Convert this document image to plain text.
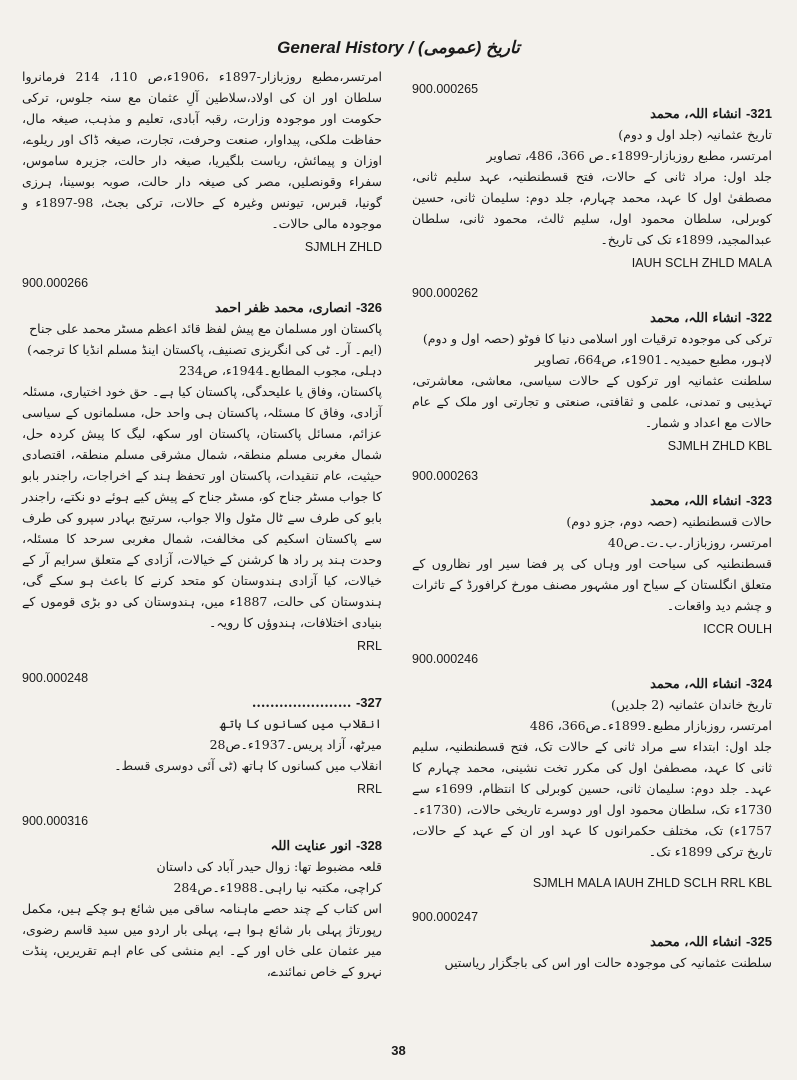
General History / تاریخ (عمومی)
امرتسر،مطبع روزبازار-1897ء ،1906ء،ص 110، 214 فرمانروا سلطان اور ان کی اولاد،سلاطین آلِ عثمان مع سنہ جلوس، ترکی حکومت اور موجودہ وزارت، رقبہ آبادی، تعلیم و مذہب، صیغہ مال، حفاظت ملکی، پیداوار، صنعت وحرفت، تجارت، صیغہ ڈاک اور ریلوے، اوزان و پیمائش، ریاست بلگیریا، صیغہ دار حالت، جزیرہ ساموس، سفراء وقونصلیں، مصر کی صیغہ دار حالت، صوبہ بوسینا، ہرزی گونیا، قبرس، تیونس وغیرہ کے حالات، ترکی بجٹ، 98-1897ء و موجودہ مالی حالات۔
SJMLH ZHLD
900.000266
326- انصاری، محمد ظفر احمد
پاکستان اور مسلمان مع پیش لفظ قائد اعظم مسٹر محمد علی جناح (ایم۔ آر۔ ٹی کی انگریزی تصنیف، پاکستان اینڈ مسلم انڈیا کا ترجمہ)
دہلی، مجوب المطابع۔1944ء، ص234
پاکستان، وفاق یا علیحدگی، پاکستان کیا ہے۔ حق خود اختیاری، مسئلہ آزادی، وفاق کا مسئلہ، پاکستان ہی واحد حل، مسلمانوں کے سیاسی عزائم، مسائل پاکستان، پاکستان اور سکھ، لیگ کا پیش کردہ حل، شمال مغربی مسلم منطقہ، شمال مشرقی مسلم منطقہ، اقتصادی حیثیت، عام تنقیدات، پاکستان اور تحفظ ہند کے اخراجات، راجندر بابو کا جواب مسٹر جناح کو، مسٹر جناح کے پیش کیے ہوئے دو نکتے، راجندر بابو کی طرف سے ٹال مٹول والا جواب، سرتیج بہادر سپرو کی طرف سے پاکستان اسکیم کی مخالفت، شمال مغربی سرحد کا مسئلہ، وحدت ہند پر راد ھا کرشنن کے خیالات، آزادی کے متعلق سرایم آر کے خیالات، کیا آزادی ہندوستان کو متحد کرنے کا باعث ہو سکے گی، ہندوستان کی حالت، 1887ء میں، ہندوستان کی دو بڑی قوموں کے بنیادی اختلافات، ہندوؤں کا رویہ۔
RRL
900.000248
327- ......................
انقلاب میں کسانوں کا ہاتھ
میرٹھ، آزاد پریس۔1937ء۔ص28
انقلاب میں کسانوں کا ہاتھ (ٹی آئی دوسری قسط۔
RRL
900.000316
328- انور عنایت اللہ
قلعہ مضبوط تھا: زوال حیدر آباد کی داستان
کراچی، مکتبہ نیا راہی۔1988ء۔ص284
اس کتاب کے چند حصے ماہنامہ ساقی میں شائع ہو چکے ہیں، مکمل رپورتاژ پہلی بار شائع ہوا ہے، پہلی بار اردو میں سید قاسم رضوی، میر عثمان علی خاں اور کے۔ ایم منشی کی عام اہم تقریریں، پنڈت نہرو کے خاص نمائندے،
900.000265
321- انشاء اللہ، محمد
تاریخ عثمانیہ (جلد اول و دوم)
امرتسر، مطبع روزبازار-1899ء۔ص 366، 486، تصاویر
جلد اول: مراد ثانی کے حالات، فتح قسطنطنیہ، عہد سلیم ثانی، مصطفیٰ اول کا عہد، محمد چہارم، جلد دوم: سلیمان ثانی، حسین کوبرلی، سلطان محمود اول، سلیم ثالث، محمود ثانی، سلطان عبدالمجید، 1899ء تک کی تاریخ۔
IAUH SCLH ZHLD MALA
900.000262
322- انشاء اللہ، محمد
ترکی کی موجودہ ترقیات اور اسلامی دنیا کا فوٹو (حصہ اول و دوم)
لاہور، مطبع حمیدیہ۔1901ء، ص664، تصاویر
سلطنت عثمانیہ اور ترکوں کے حالات سیاسی، معاشی، معاشرتی، تہذیبی و تمدنی، علمی و ثقافتی، صنعتی و تجارتی اور ملک کے عام حالات مع اعداد و شمار۔
SJMLH ZHLD KBL
900.000263
323- انشاء اللہ، محمد
حالات قسطنطنیہ (حصہ دوم، جزو دوم)
امرتسر، روزبازار۔ب۔ت۔ص40
قسطنطنیہ کی سیاحت اور وہاں کی پر فضا سیر اور نظاروں کے متعلق انگلستان کے سیاح اور مشہور مصنف مورخ کرافورڈ کے تاثرات و چشم دید واقعات۔
ICCR OULH
900.000246
324- انشاء اللہ، محمد
تاریخ خاندان عثمانیہ (2 جلدیں)
امرتسر، روزبازار مطبع۔1899ء۔ص366، 486
جلد اول: ابتداء سے مراد ثانی کے حالات تک، فتح قسطنطنیہ، سلیم ثانی کا عہد، مصطفیٰ اول کی مکرر تخت نشینی، محمد چہارم کا عہد۔ جلد دوم: سلیمان ثانی، حسین کوبرلی کا انتظام، 1699ء سے 1730ء تک، سلطان محمود اول اور دوسرے تاریخی حالات، (1730ء۔ 1757ء) تک، مختلف حکمرانوں کا عہد اور ان کے عہد کے حالات، تاریخ ترکی 1899ء تک۔
SJMLH MALA IAUH ZHLD SCLH RRL KBL
900.000247
325- انشاء اللہ، محمد
سلطنت عثمانیہ کی موجودہ حالت اور اس کی باجگزار ریاستیں
38
